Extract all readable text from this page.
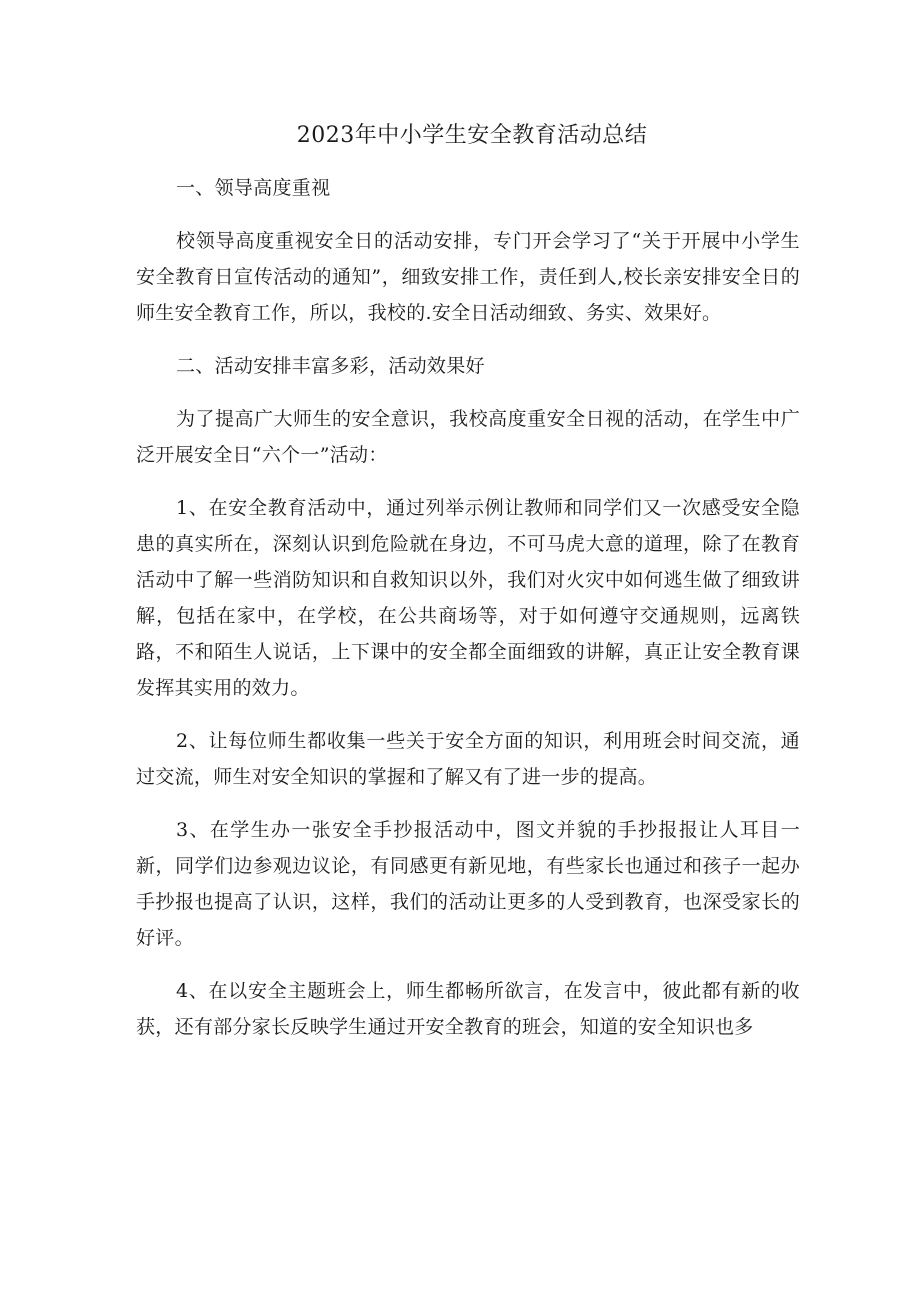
2023年中小学生安全教育活动总结

一、领导高度重视

校领导高度重视安全日的活动安排，专门开会学习了“关于开展中小学生安全教育日宣传活动的通知”，细致安排工作，责任到人,校长亲安排安全日的师生安全教育工作，所以，我校的.安全日活动细致、务实、效果好。

二、活动安排丰富多彩，活动效果好

为了提高广大师生的安全意识，我校高度重安全日视的活动，在学生中广泛开展安全日“六个一”活动：

1、在安全教育活动中，通过列举示例让教师和同学们又一次感受安全隐患的真实所在，深刻认识到危险就在身边，不可马虎大意的道理，除了在教育活动中了解一些消防知识和自救知识以外，我们对火灾中如何逃生做了细致讲解，包括在家中，在学校，在公共商场等，对于如何遵守交通规则，远离铁路，不和陌生人说话，上下课中的安全都全面细致的讲解，真正让安全教育课发挥其实用的效力。

2、让每位师生都收集一些关于安全方面的知识，利用班会时间交流，通过交流，师生对安全知识的掌握和了解又有了进一步的提高。

3、在学生办一张安全手抄报活动中，图文并貌的手抄报报让人耳目一新，同学们边参观边议论，有同感更有新见地，有些家长也通过和孩子一起办手抄报也提高了认识，这样，我们的活动让更多的人受到教育，也深受家长的好评。

4、在以安全主题班会上，师生都畅所欲言，在发言中，彼此都有新的收获，还有部分家长反映学生通过开安全教育的班会，知道的安全知识也多
